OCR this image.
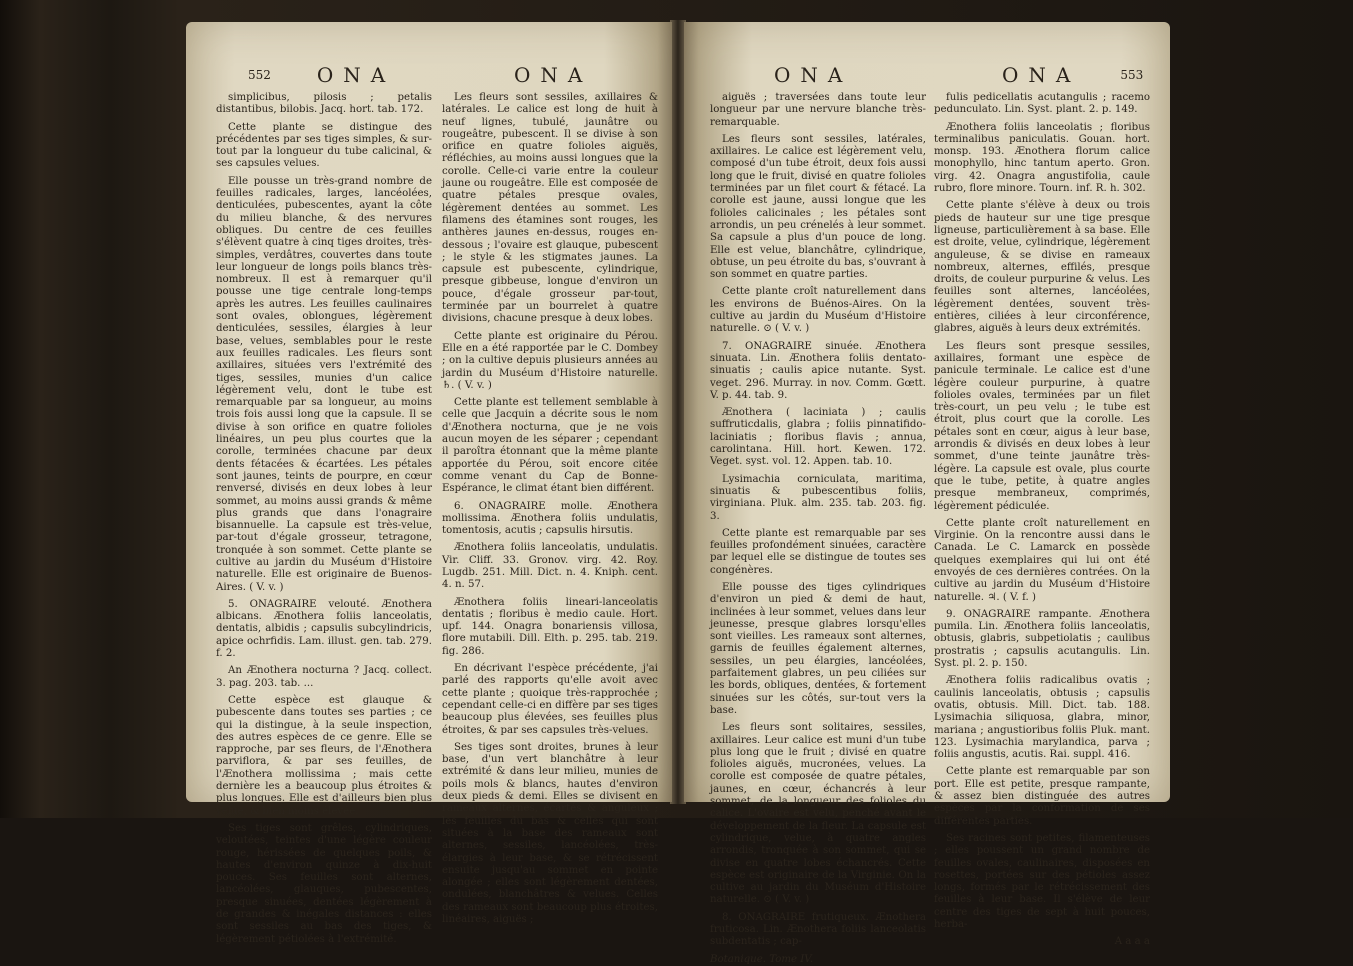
552 ONA	ONA

simplicibus, pilosis ; petalis distantibus, bilobis. Jacq. hort. tab. 172.

Cette plante se distingue des précédentes par ses tiges simples, & sur-tout par la longueur du tube calicinal, & ses capsules velues.

Elle pousse un très-grand nombre de feuilles radicales, larges, lancéolées, denticulées, pubescentes, ayant la côte du milieu blanche, & des nervures obliques. Du centre de ces feuilles s'élèvent quatre à cinq tiges droites, très-simples, verdâtres, couvertes dans toute leur longueur de longs poils blancs très-nombreux. Il est à remarquer qu'il pousse une tige centrale long-temps après les autres. Les feuilles caulinaires sont ovales, oblongues, légèrement denticulées, sessiles, élargies à leur base, velues, semblables pour le reste aux feuilles radicales. Les fleurs sont axillaires, situées vers l'extrémité des tiges, sessiles, munies d'un calice légèrement velu, dont le tube est remarquable par sa longueur, au moins trois fois aussi long que la capsule. Il se divise à son orifice en quatre folioles linéaires, un peu plus courtes que la corolle, terminées chacune par deux dents fétacées & écartées. Les pétales sont jaunes, teints de pourpre, en cœur renversé, divisés en deux lobes à leur sommet, au moins aussi grands & même plus grands que dans l'onagraire bisannuelle. La capsule est très-velue, par-tout d'égale grosseur, tetragone, tronquée à son sommet. Cette plante se cultive au jardin du Muséum d'Histoire naturelle. Elle est originaire de Buenos-Aires. ( V. v. )

5. ONAGRAIRE velouté. Ænothera albicans. Ænothera foliis lanceolatis, dentatis, albidis ; capsulis subcylindricis, apice ochrfidis. Lam. illust. gen. tab. 279. f. 2.

An Ænothera nocturna ? Jacq. collect. 3. pag. 203. tab. ...

Cette espèce est glauque & pubescente dans toutes ses parties ; ce qui la distingue, à la seule inspection, des autres espèces de ce genre. Elle se rapproche, par ses fleurs, de l'Ænothera parviflora, & par ses feuilles, de l'Ænothera mollissima ; mais cette dernière les a beaucoup plus étroites & plus longues. Elle est d'ailleurs bien plus velue, & bien moins élevée.

Ses tiges sont grêles, cylindriques, veloutées, teintes d'une légère couleur rouge, hérissées de quelques poils, & hautes d'environ quinze à dix-huit pouces. Ses feuilles sont alternes, lancéolées, glauques, pubescentes, presque sinuées, dentées légèrement à de grandes & inégales distances : elles sont sessiles au bas des tiges, & légèrement pétiolées à l'extrémité.

Les fleurs sont sessiles, axillaires & latérales. Le calice est long de huit à neuf lignes, tubulé, jaunâtre ou rougeâtre, pubescent. Il se divise à son orifice en quatre folioles aiguës, réfléchies, au moins aussi longues que la corolle. Celle-ci varie entre la couleur jaune ou rougeâtre. Elle est composée de quatre pétales presque ovales, légèrement dentées au sommet. Les filamens des étamines sont rouges, les anthères jaunes en-dessus, rouges en-dessous ; l'ovaire est glauque, pubescent ; le style & les stigmates jaunes. La capsule est pubescente, cylindrique, presque gibbeuse, longue d'environ un pouce, d'égale grosseur par-tout, terminée par un bourrelet à quatre divisions, chacune presque à deux lobes.

Cette plante est originaire du Pérou. Elle en a été rapportée par le C. Dombey ; on la cultive depuis plusieurs années au jardin du Muséum d'Histoire naturelle. ♄. ( V. v. )

Cette plante est tellement semblable à celle que Jacquin a décrite sous le nom d'Ænothera nocturna, que je ne vois aucun moyen de les séparer ; cependant il paroîtra étonnant que la même plante apportée du Pérou, soit encore citée comme venant du Cap de Bonne-Espérance, le climat étant bien différent.

6. ONAGRAIRE molle. Ænothera mollissima. Ænothera foliis undulatis, tomentosis, acutis ; capsulis hirsutis.

Ænothera foliis lanceolatis, undulatis. Vir. Cliff. 33. Gronov. virg. 42. Roy. Lugdb. 251. Mill. Dict. n. 4. Kniph. cent. 4. n. 57.

Ænothera foliis lineari-lanceolatis dentatis ; floribus è medio caule. Hort. upf. 144. Onagra bonariensis villosa, flore mutabili. Dill. Elth. p. 295. tab. 219. fig. 286.

En décrivant l'espèce précédente, j'ai parlé des rapports qu'elle avoit avec cette plante ; quoique très-rapprochée ; cependant celle-ci en diffère par ses tiges beaucoup plus élevées, ses feuilles plus étroites, & par ses capsules très-velues.

Ses tiges sont droites, brunes à leur base, d'un vert blanchâtre à leur extrémité & dans leur milieu, munies de poils mols & blancs, hautes d'environ deux pieds & demi. Elles se divisent en rameaux alternes, écartés & anguleux ; les feuilles du bas & celles qui sont situées à la base des rameaux sont alternes, sessiles, lancéolées, très-élargies à leur base, & se rétrécissent ensuite jusqu'au sommet en pointe alongée ; elles sont légèrement dentées, ondulées, blanchâtres & velues. Celles des rameaux sont beaucoup plus étroites, linéaires, aiguës ;

ONA	ONA	553

aiguës ; traversées dans toute leur longueur par une nervure blanche très-remarquable.

Les fleurs sont sessiles, latérales, axillaires. Le calice est légèrement velu, composé d'un tube étroit, deux fois aussi long que le fruit, divisé en quatre folioles terminées par un filet court & fétacé. La corolle est jaune, aussi longue que les folioles calicinales ; les pétales sont arrondis, un peu crénelés à leur sommet. Sa capsule a plus d'un pouce de long. Elle est velue, blanchâtre, cylindrique, obtuse, un peu étroite du bas, s'ouvrant à son sommet en quatre parties.

Cette plante croît naturellement dans les environs de Buénos-Aires. On la cultive au jardin du Muséum d'Histoire naturelle. ⊙ ( V. v. )

7. ONAGRAIRE sinuée. Ænothera sinuata. Lin. Ænothera foliis dentato-sinuatis ; caulis apice nutante. Syst. veget. 296. Murray. in nov. Comm. Gœtt. V. p. 44. tab. 9.

Ænothera ( laciniata ) ; caulis suffruticdalis, glabra ; foliis pinnatifido-laciniatis ; floribus flavis ; annua, carolintana. Hill. hort. Kewen. 172. Veget. syst. vol. 12. Appen. tab. 10.

Lysimachia corniculata, maritima, sinuatis & pubescentibus foliis, virginiana. Pluk. alm. 235. tab. 203. fig. 3.

Cette plante est remarquable par ses feuilles profondément sinuées, caractère par lequel elle se distingue de toutes ses congénères.

Elle pousse des tiges cylindriques d'environ un pied & demi de haut, inclinées à leur sommet, velues dans leur jeunesse, presque glabres lorsqu'elles sont vieilles. Les rameaux sont alternes, garnis de feuilles également alternes, sessiles, un peu élargies, lancéolées, parfaitement glabres, un peu ciliées sur les bords, obliques, dentées, & fortement sinuées sur les côtés, sur-tout vers la base.

Les fleurs sont solitaires, sessiles, axillaires. Leur calice est muni d'un tube plus long que le fruit ; divisé en quatre folioles aiguës, mucronées, velues. La corolle est composée de quatre pétales, jaunes, en cœur, échancrés à leur sommet, de la longueur des folioles du calice. L'ovaire est velu, penché avant le développement de la fleur. La capsule est cylindrique, velue, à quatre angles arrondis, tronquée à son sommet, qui se divise en quatre lobes échancrés. Cette espèce est originaire de la Virginie. On la cultive au jardin du Muséum d'Histoire naturelle. ⊙ ( V. v. )

8. ONAGRAIRE frutiqueux. Ænothera fruticosa. Lin. Ænothera foliis lanceolatis subdentatis ; cap-

Botanique. Tome IV.

fulis pedicellatis acutangulis ; racemo pedunculato. Lin. Syst. plant. 2. p. 149.

Ænothera foliis lanceolatis ; floribus terminalibus paniculatis. Gouan. hort. monsp. 193. Ænothera florum calice monophyllo, hinc tantum aperto. Gron. virg. 42. Onagra angustifolia, caule rubro, flore minore. Tourn. inf. R. h. 302.

Cette plante s'élève à deux ou trois pieds de hauteur sur une tige presque ligneuse, particulièrement à sa base. Elle est droite, velue, cylindrique, légèrement anguleuse, & se divise en rameaux nombreux, alternes, effilés, presque droits, de couleur purpurine & velus. Les feuilles sont alternes, lancéolées, légèrement dentées, souvent très-entières, ciliées à leur circonférence, glabres, aiguës à leurs deux extrémités.

Les fleurs sont presque sessiles, axillaires, formant une espèce de panicule terminale. Le calice est d'une légère couleur purpurine, à quatre folioles ovales, terminées par un filet très-court, un peu velu ; le tube est étroit, plus court que la corolle. Les pétales sont en cœur, aigus à leur base, arrondis & divisés en deux lobes à leur sommet, d'une teinte jaunâtre très-légère. La capsule est ovale, plus courte que le tube, petite, à quatre angles presque membraneux, comprimés, légèrement pédiculée.

Cette plante croît naturellement en Virginie. On la rencontre aussi dans le Canada. Le C. Lamarck en possède quelques exemplaires qui lui ont été envoyés de ces dernières contrées. On la cultive au jardin du Muséum d'Histoire naturelle. ♃. ( V. f. )

9. ONAGRAIRE rampante. Ænothera pumila. Lin. Ænothera foliis lanceolatis, obtusis, glabris, subpetiolatis ; caulibus prostratis ; capsulis acutangulis. Lin. Syst. pl. 2. p. 150.

Ænothera foliis radicalibus ovatis ; caulinis lanceolatis, obtusis ; capsulis ovatis, obtusis. Mill. Dict. tab. 188. Lysimachia siliquosa, glabra, minor, mariana ; angustioribus foliis Pluk. mant. 123. Lysimachia marylandica, parva ; foliis angustis, acutis. Rai. suppl. 416.

Cette plante est remarquable par son port. Elle est petite, presque rampante, & assez bien distinguée des autres espèces par la conformation de ses différentes parties.

Ses racines sont petites, filamenteuses ; elles poussent un grand nombre de feuilles ovales, caulinaires, disposées en rosettes, portées sur des pétioles assez longs, formés par le rétrécissement des feuilles à leur base. Il s'élève de leur centre des tiges de sept à huit pouces, herba-

A a a a
